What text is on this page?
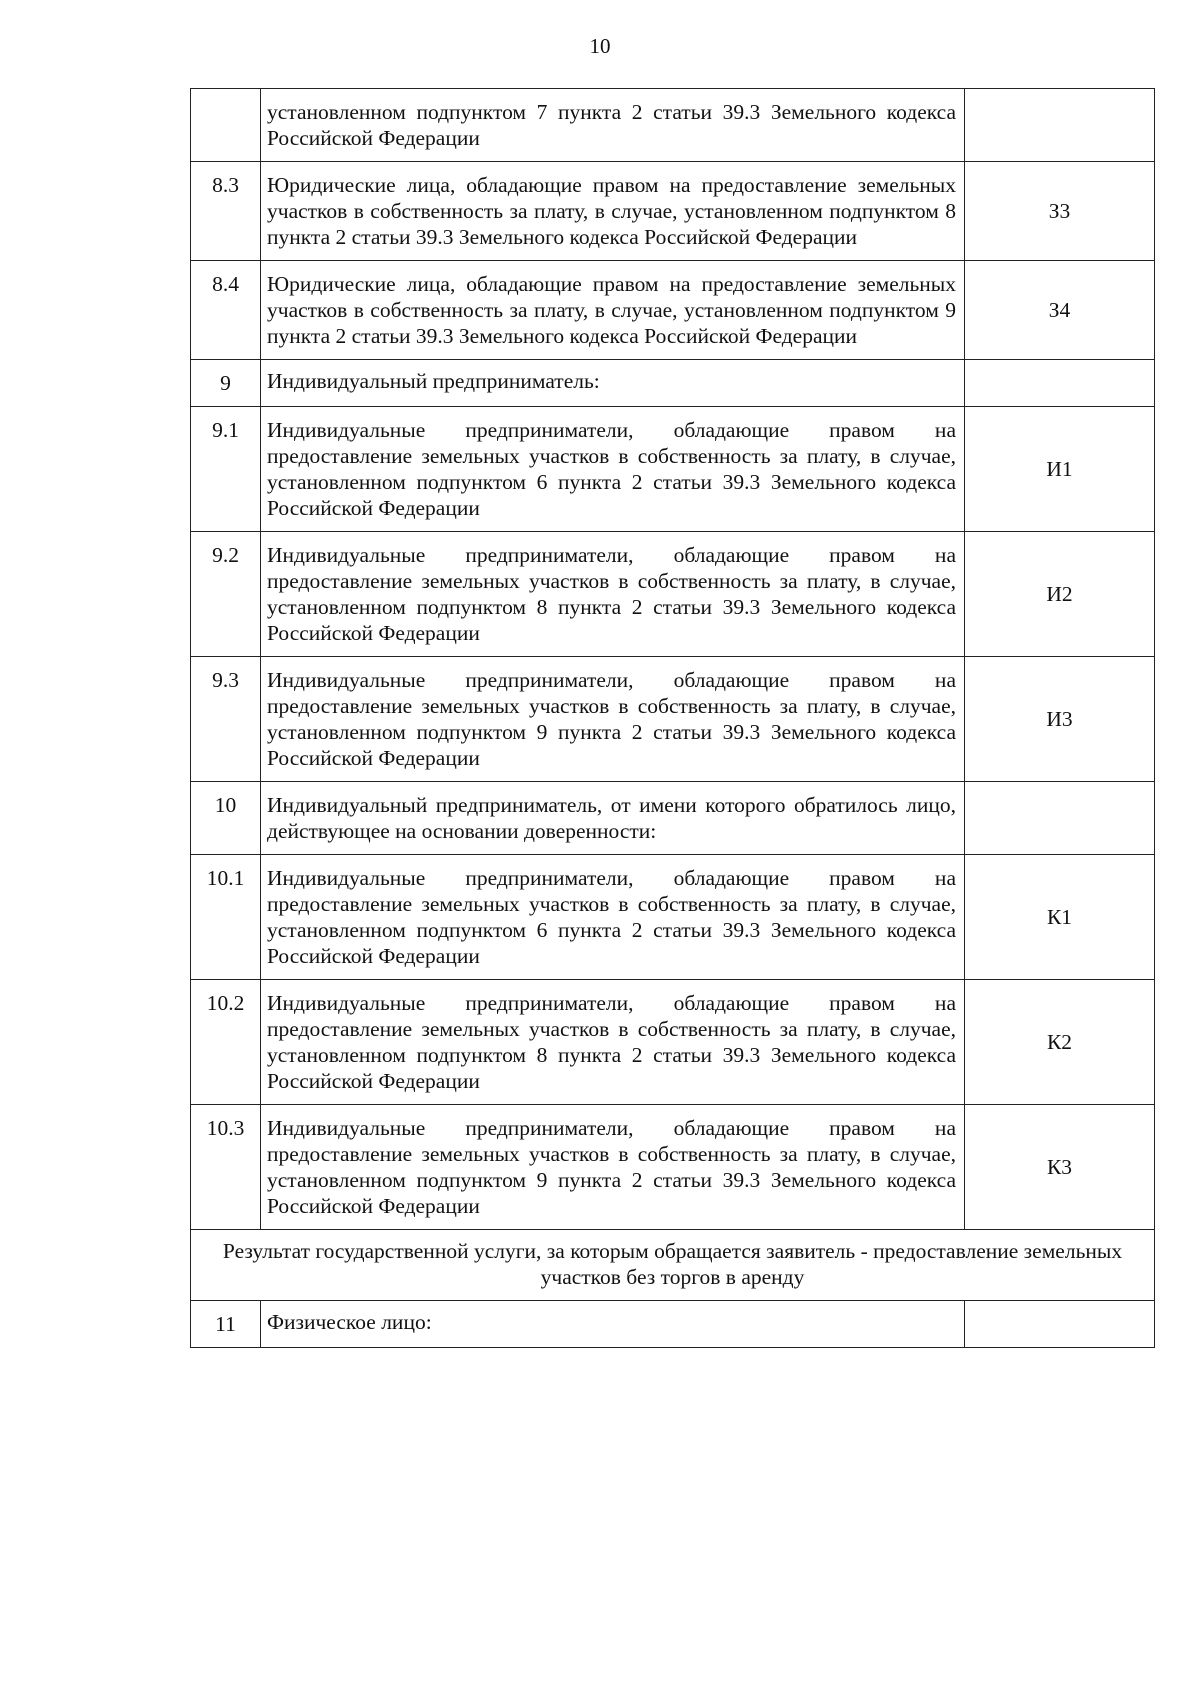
10
	установленном подпунктом 7 пункта 2 статьи 39.3 Земельного кодекса Российской Федерации	
8.3	Юридические лица, обладающие правом на предоставление земельных участков в собственность за плату, в случае, установленном подпунктом 8 пункта 2 статьи 39.3 Земельного кодекса Российской Федерации	З3
8.4	Юридические лица, обладающие правом на предоставление земельных участков в собственность за плату, в случае, установленном подпунктом 9 пункта 2 статьи 39.3 Земельного кодекса Российской Федерации	З4
9	Индивидуальный предприниматель:	
9.1	Индивидуальные предприниматели, обладающие правом на предоставление земельных участков в собственность за плату, в случае, установленном подпунктом 6 пункта 2 статьи 39.3 Земельного кодекса Российской Федерации	И1
9.2	Индивидуальные предприниматели, обладающие правом на предоставление земельных участков в собственность за плату, в случае, установленном подпунктом 8 пункта 2 статьи 39.3 Земельного кодекса Российской Федерации	И2
9.3	Индивидуальные предприниматели, обладающие правом на предоставление земельных участков в собственность за плату, в случае, установленном подпунктом 9 пункта 2 статьи 39.3 Земельного кодекса Российской Федерации	И3
10	Индивидуальный предприниматель, от имени которого обратилось лицо, действующее на основании доверенности:	
10.1	Индивидуальные предприниматели, обладающие правом на предоставление земельных участков в собственность за плату, в случае, установленном подпунктом 6 пункта 2 статьи 39.3 Земельного кодекса Российской Федерации	К1
10.2	Индивидуальные предприниматели, обладающие правом на предоставление земельных участков в собственность за плату, в случае, установленном подпунктом 8 пункта 2 статьи 39.3 Земельного кодекса Российской Федерации	К2
10.3	Индивидуальные предприниматели, обладающие правом на предоставление земельных участков в собственность за плату, в случае, установленном подпунктом 9 пункта 2 статьи 39.3 Земельного кодекса Российской Федерации	К3
Результат государственной услуги, за которым обращается заявитель - предоставление земельных участков без торгов в аренду		
11	Физическое лицо:	
